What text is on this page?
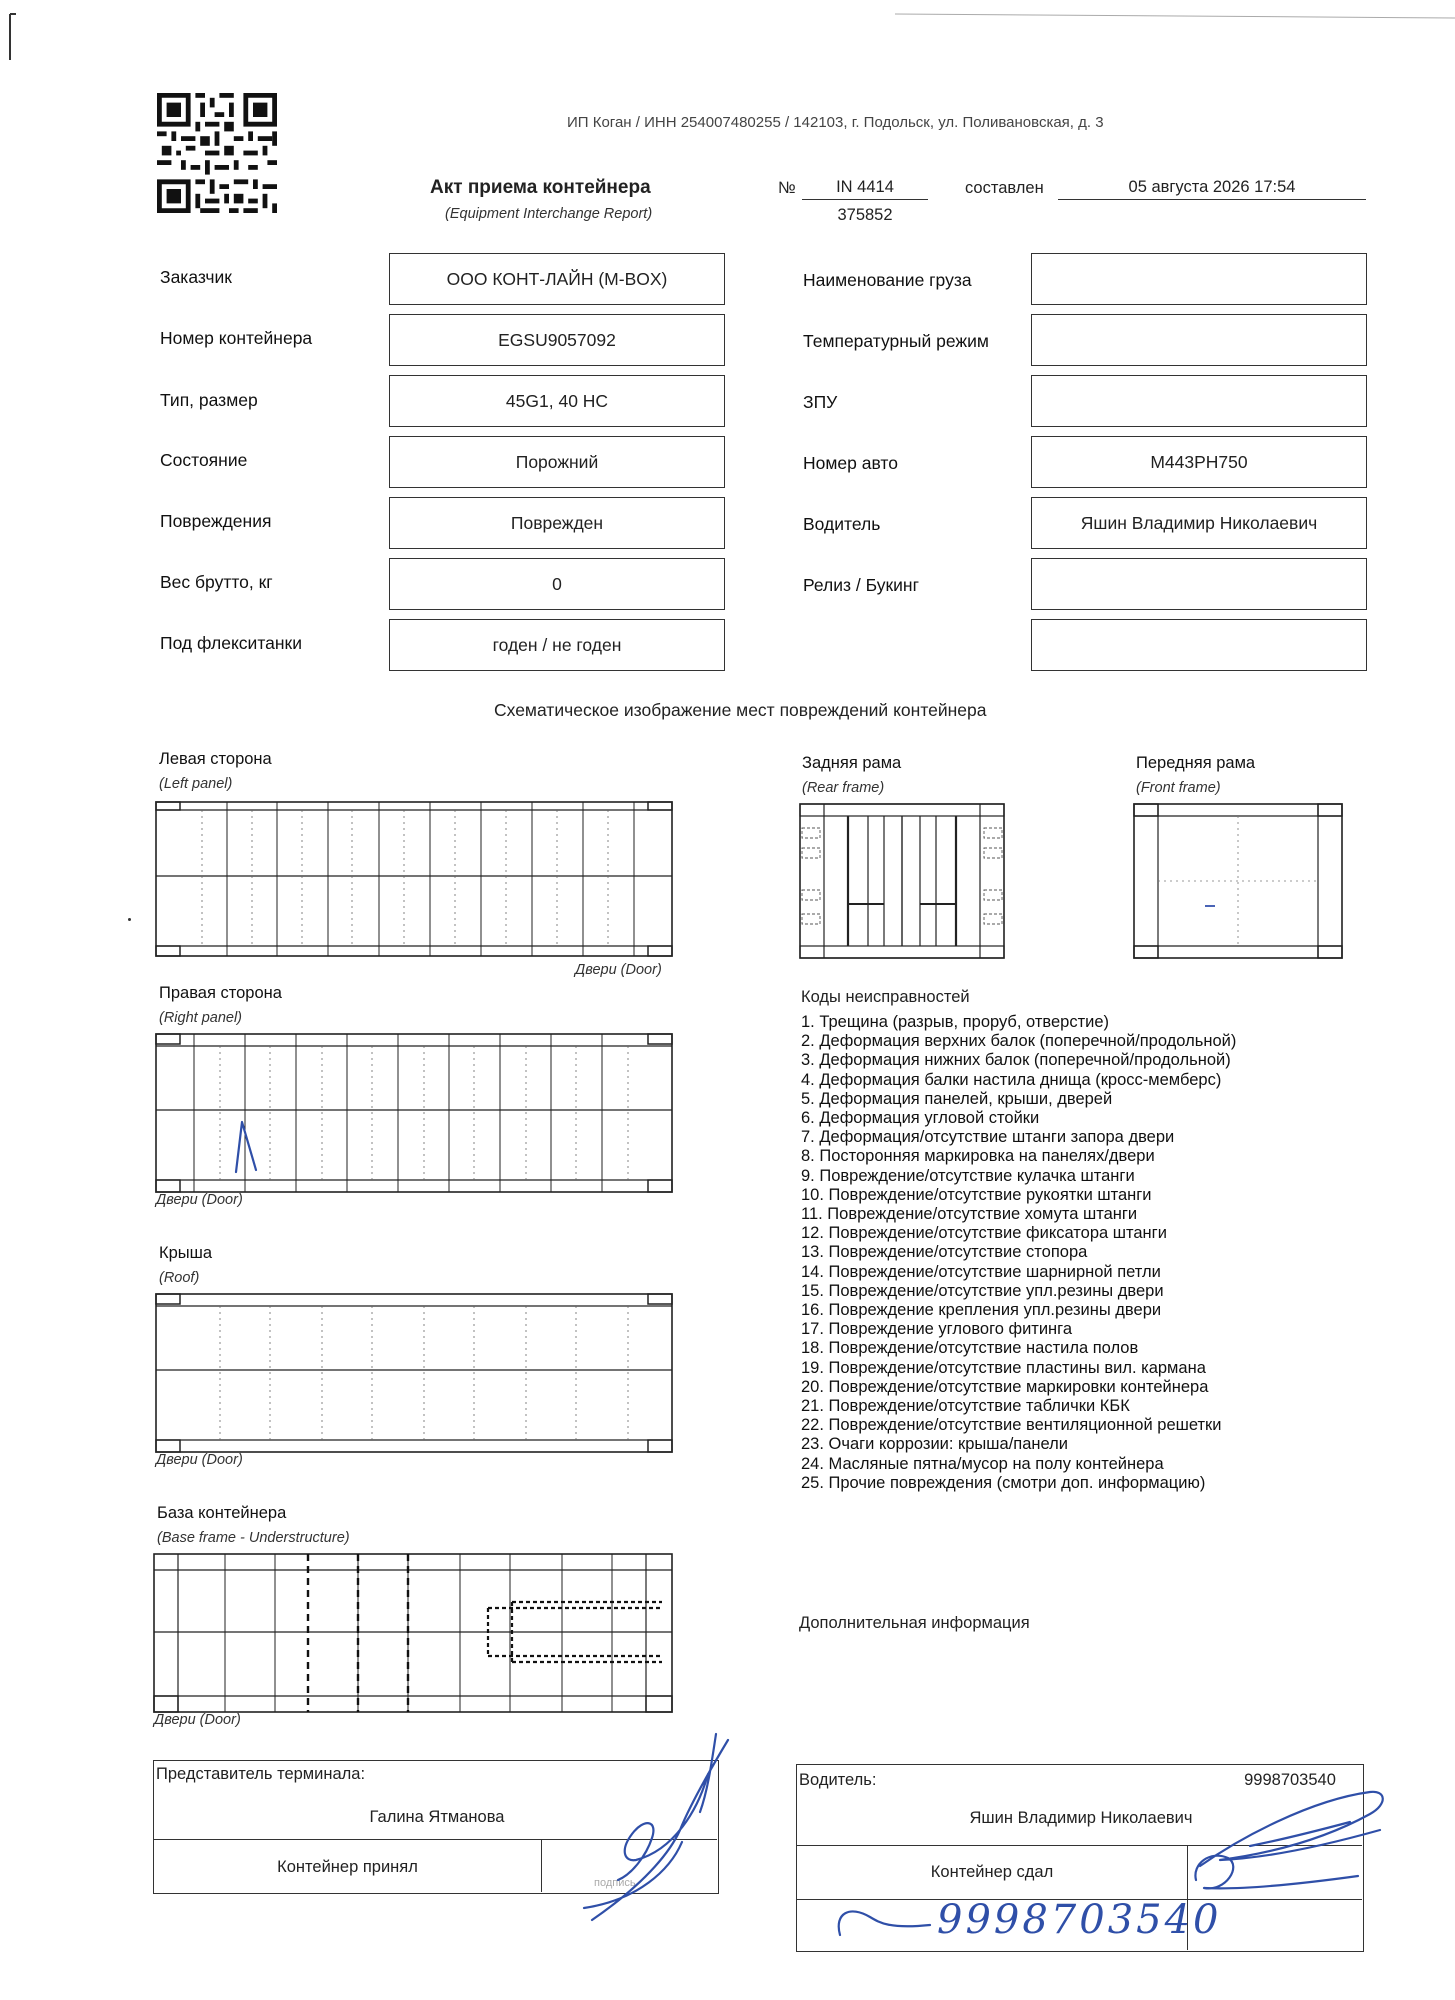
ИП Коган / ИНН 254007480255 / 142103, г. Подольск, ул. Поливановская, д. 3
Акт приема контейнера
(Equipment Interchange Report)
№	IN 4414
375852
составлен	05 августа 2026 17:54
Заказчик	ООО КОНТ-ЛАЙН (M-BOX)
Номер контейнера	EGSU9057092
Тип, размер	45G1, 40 HC
Состояние	Порожний
Повреждения	Поврежден
Вес брутто, кг	0
Под флекситанки	годен / не годен
Наименование груза
Температурный режим
ЗПУ
Номер авто	М443РН750
Водитель	Яшин Владимир Николаевич
Релиз / Букинг
Схематическое изображение мест повреждений контейнера
Левая сторона
(Left panel)
Двери (Door)
Правая сторона
(Right panel)
Двери (Door)
Крыша
(Roof)
Двери (Door)
База контейнера
(Base frame - Understructure)
Двери (Door)
Задняя рама
(Rear frame)
Передняя рама
(Front frame)
Коды неисправностей
1. Трещина (разрыв, проруб, отверстие)
2. Деформация верхних балок (поперечной/продольной)
3. Деформация нижних балок (поперечной/продольной)
4. Деформация балки настила днища (кросс-мемберс)
5. Деформация панелей, крыши, дверей
6. Деформация угловой стойки
7. Деформация/отсутствие штанги запора двери
8. Посторонняя маркировка на панелях/двери
9. Повреждение/отсутствие кулачка штанги
10. Повреждение/отсутствие рукоятки штанги
11. Повреждение/отсутствие хомута штанги
12. Повреждение/отсутствие фиксатора штанги
13. Повреждение/отсутствие стопора
14. Повреждение/отсутствие шарнирной петли
15. Повреждение/отсутствие упл.резины двери
16. Повреждение крепления упл.резины двери
17. Повреждение углового фитинга
18. Повреждение/отсутствие настила полов
19. Повреждение/отсутствие пластины вил. кармана
20. Повреждение/отсутствие маркировки контейнера
21. Повреждение/отсутствие таблички КБК
22. Повреждение/отсутствие вентиляционной решетки
23. Очаги коррозии: крыша/панели
24. Масляные пятна/мусор на полу контейнера
25. Прочие повреждения (смотри доп. информацию)
Дополнительная информация
Представитель терминала:
Галина Ятманова
Контейнер принял
подпись
Водитель:	9998703540
Яшин Владимир Николаевич
Контейнер сдал
9998703540
